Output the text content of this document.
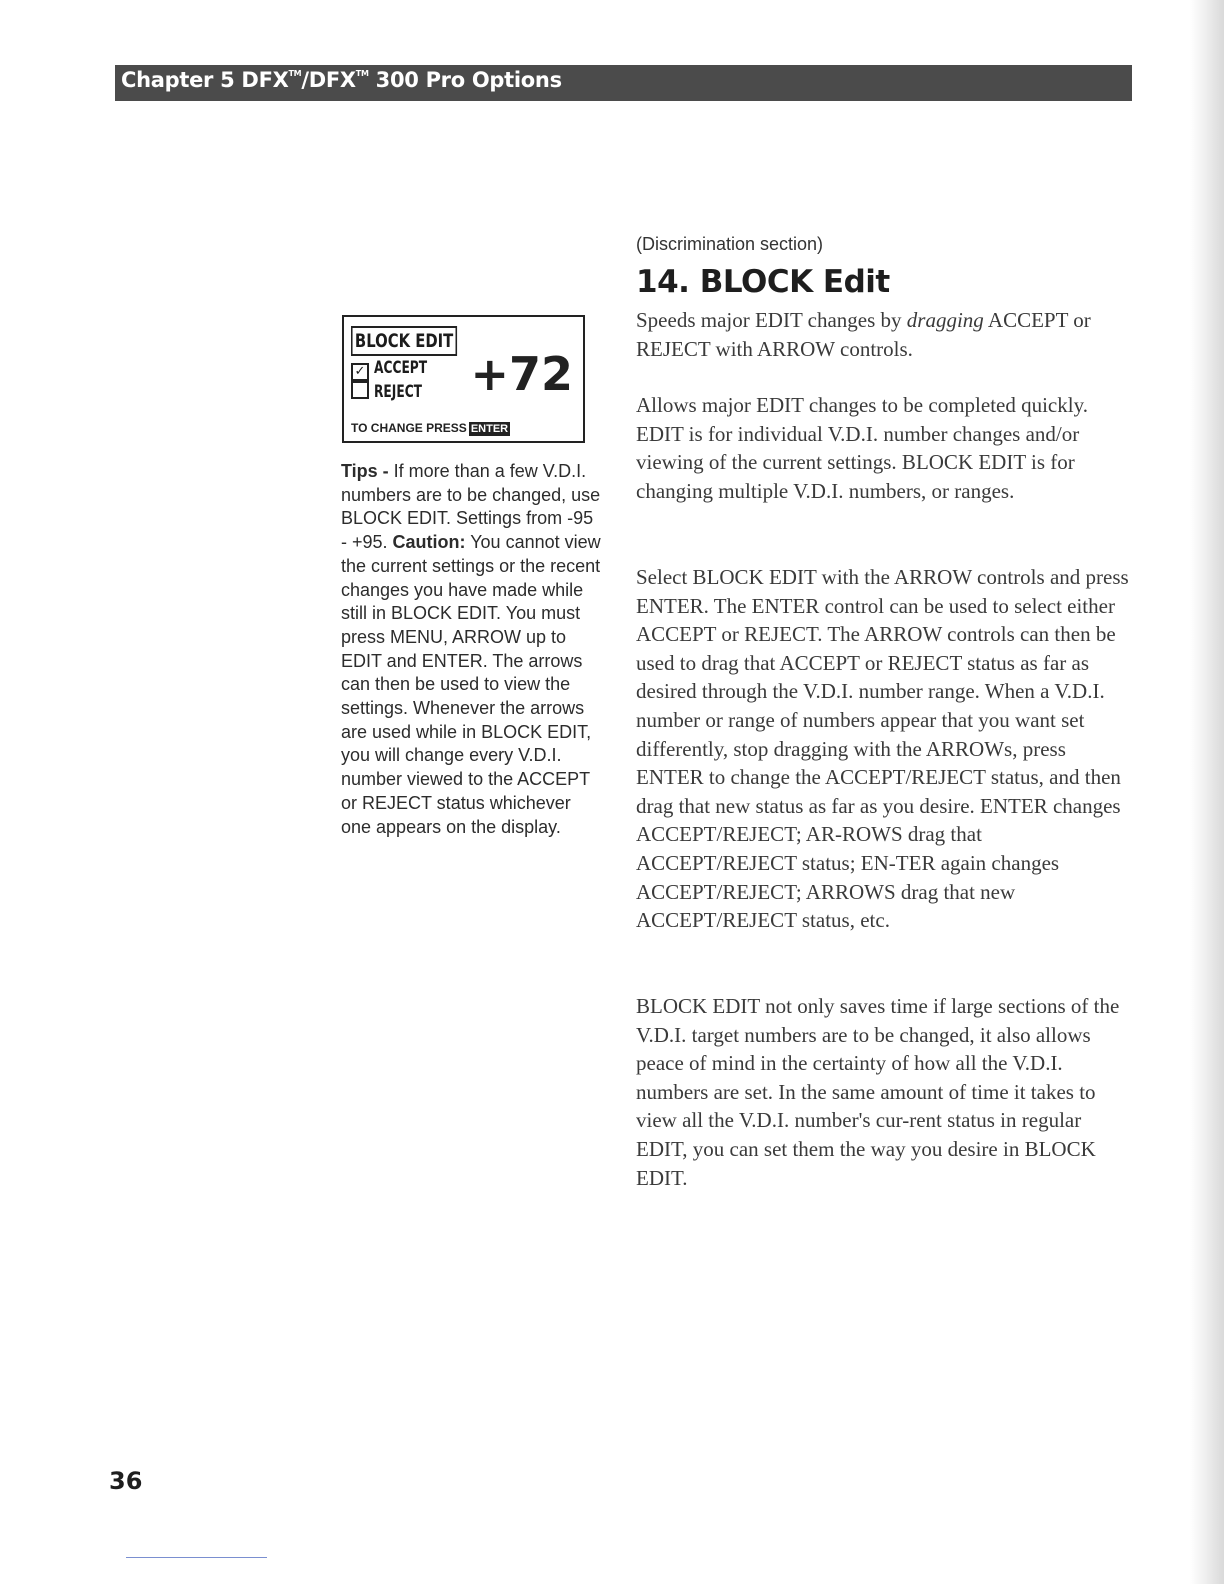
Chapter 5 DFX™/DFX™ 300 Pro Options
BLOCK EDIT
✓ ACCEPT
REJECT	+72
TO CHANGE PRESS ENTER
Tips - If more than a few V.D.I. numbers are to be changed, use BLOCK EDIT. Settings from -95 - +95. Caution: You cannot view the current settings or the recent changes you have made while still in BLOCK EDIT. You must press MENU, ARROW up to EDIT and ENTER. The arrows can then be used to view the settings. Whenever the arrows are used while in BLOCK EDIT, you will change every V.D.I. number viewed to the ACCEPT or REJECT status whichever one appears on the display.
(Discrimination section)
14. BLOCK Edit

Speeds major EDIT changes by dragging ACCEPT or REJECT with ARROW controls.

Allows major EDIT changes to be completed quickly. EDIT is for individual V.D.I. number changes and/or viewing of the current settings. BLOCK EDIT is for changing multiple V.D.I. numbers, or ranges.

Select BLOCK EDIT with the ARROW controls and press ENTER. The ENTER control can be used to select either ACCEPT or REJECT. The ARROW controls can then be used to drag that ACCEPT or REJECT status as far as desired through the V.D.I. number range. When a V.D.I. number or range of numbers appear that you want set differently, stop dragging with the ARROWs, press ENTER to change the ACCEPT/REJECT status, and then drag that new status as far as you desire. ENTER changes ACCEPT/REJECT; AR-ROWS drag that ACCEPT/REJECT status; EN-TER again changes ACCEPT/REJECT; ARROWS drag that new ACCEPT/REJECT status, etc.

BLOCK EDIT not only saves time if large sections of the V.D.I. target numbers are to be changed, it also allows peace of mind in the certainty of how all the V.D.I. numbers are set. In the same amount of time it takes to view all the V.D.I. number's cur-rent status in regular EDIT, you can set them the way you desire in BLOCK EDIT.

36
